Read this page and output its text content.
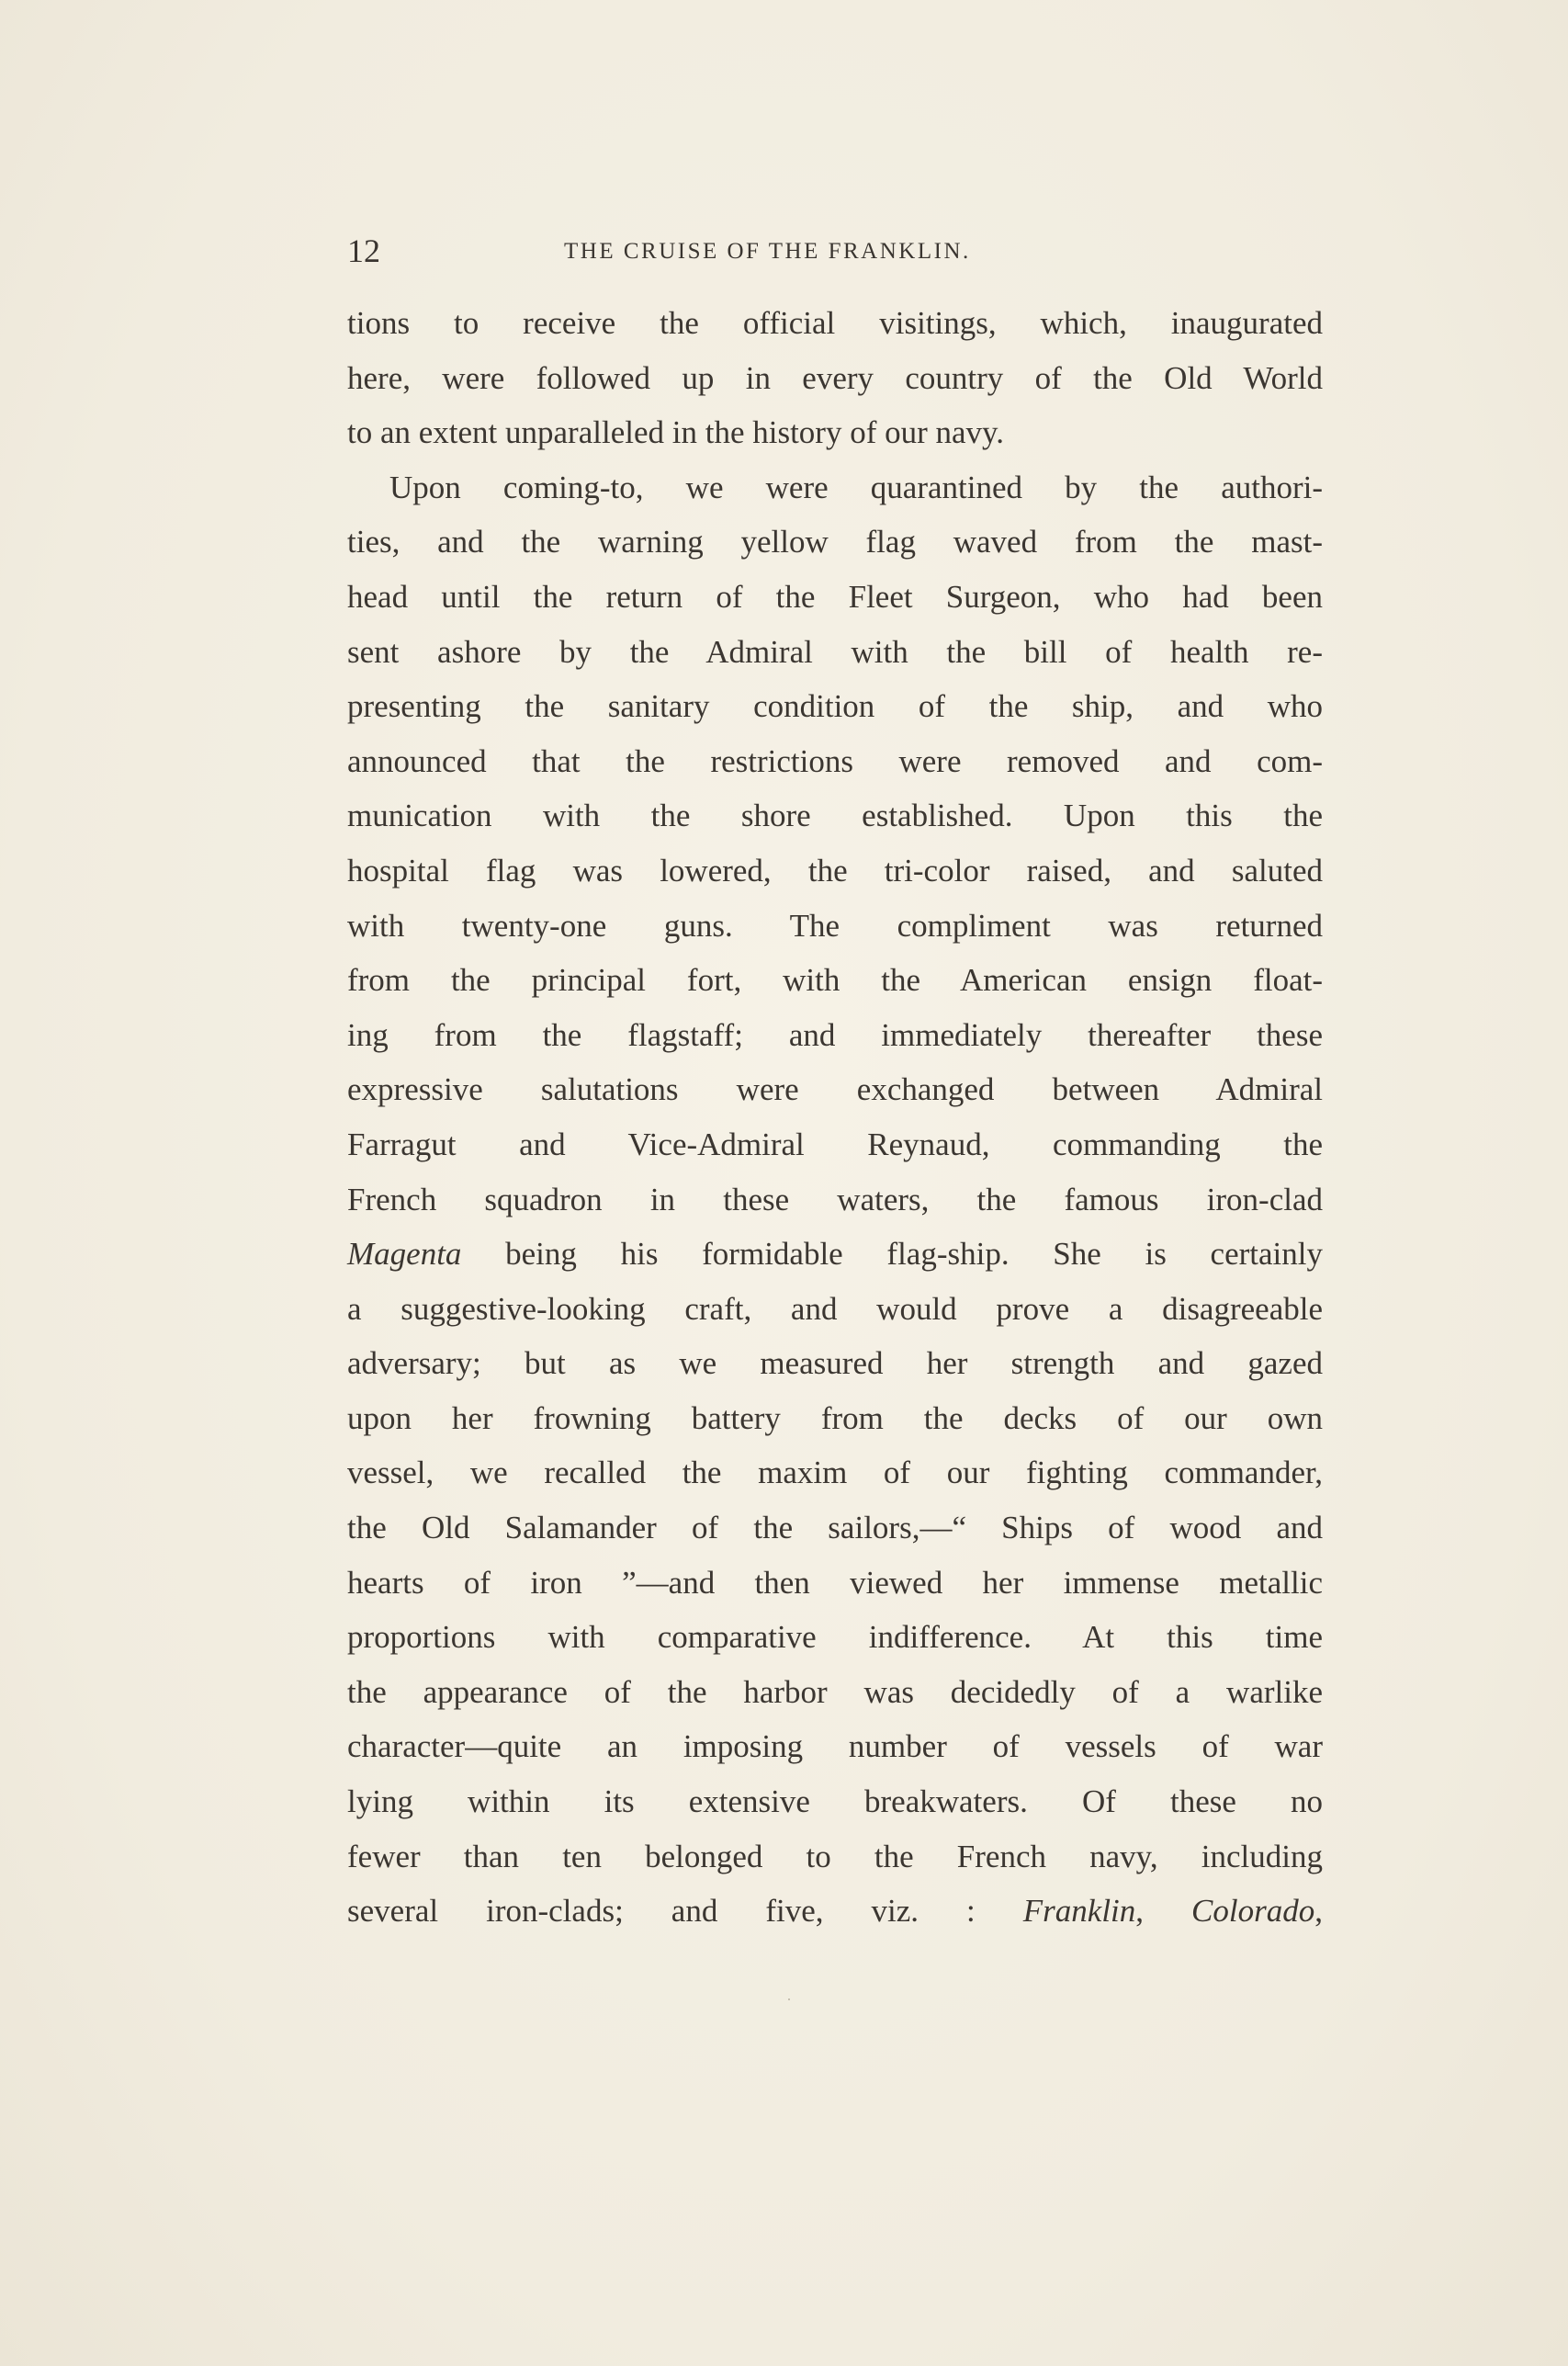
12	THE CRUISE OF THE FRANKLIN.
tions to receive the official visitings, which, inaugurated
here, were followed up in every country of the Old World
to an extent unparalleled in the history of our navy.
Upon coming-to, we were quarantined by the authori-
ties, and the warning yellow flag waved from the mast-
head until the return of the Fleet Surgeon, who had been
sent ashore by the Admiral with the bill of health re-
presenting the sanitary condition of the ship, and who
announced that the restrictions were removed and com-
munication with the shore established. Upon this the
hospital flag was lowered, the tri-color raised, and saluted
with twenty-one guns. The compliment was returned
from the principal fort, with the American ensign float-
ing from the flagstaff; and immediately thereafter these
expressive salutations were exchanged between Admiral
Farragut and Vice-Admiral Reynaud, commanding the
French squadron in these waters, the famous iron-clad
Magenta being his formidable flag-ship. She is certainly
a suggestive-looking craft, and would prove a disagreeable
adversary; but as we measured her strength and gazed
upon her frowning battery from the decks of our own
vessel, we recalled the maxim of our fighting commander,
the Old Salamander of the sailors,—“ Ships of wood and
hearts of iron ”—and then viewed her immense metallic
proportions with comparative indifference. At this time
the appearance of the harbor was decidedly of a warlike
character—quite an imposing number of vessels of war
lying within its extensive breakwaters. Of these no
fewer than ten belonged to the French navy, including
several iron-clads; and five, viz. : Franklin, Colorado,
